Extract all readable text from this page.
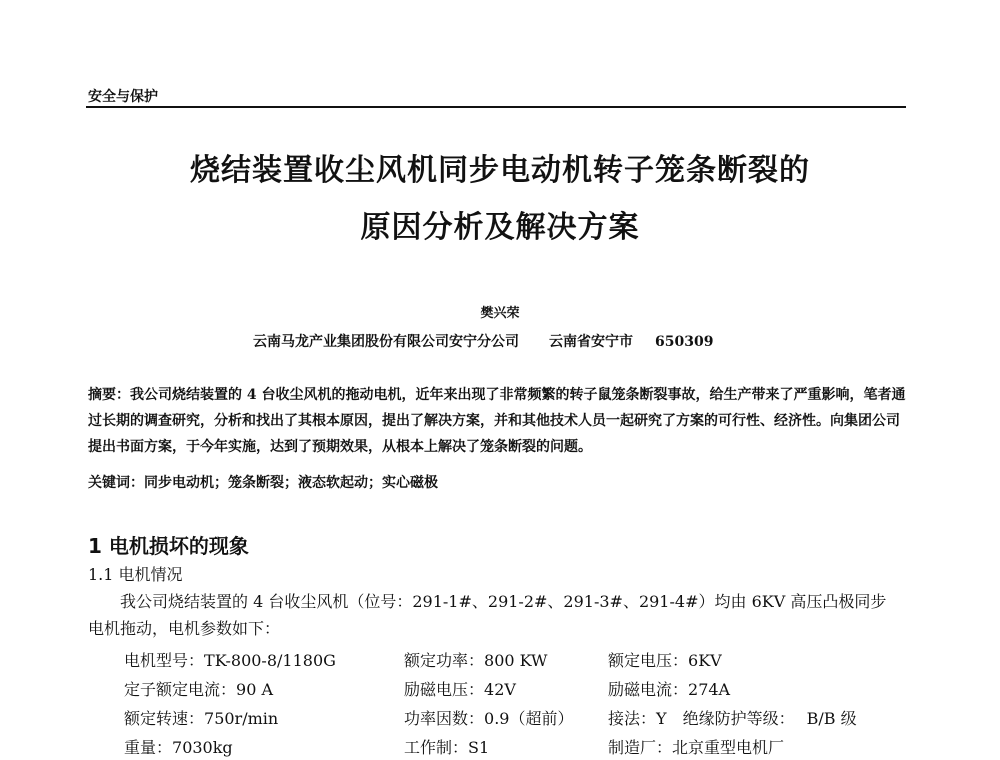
安全与保护
烧结装置收尘风机同步电动机转子笼条断裂的
原因分析及解决方案
樊兴荣
云南马龙产业集团股份有限公司安宁分公司 云南省安宁市 650309
摘要：我公司烧结装置的 4 台收尘风机的拖动电机，近年来出现了非常频繁的转子鼠笼条断裂事故，给生产带来了严重影响，笔者通过长期的调查研究，分析和找出了其根本原因，提出了解决方案，并和其他技术人员一起研究了方案的可行性、经济性。向集团公司提出书面方案，于今年实施，达到了预期效果，从根本上解决了笼条断裂的问题。
关键词：同步电动机；笼条断裂；液态软起动；实心磁极
1 电机损坏的现象
1.1 电机情况
我公司烧结装置的 4 台收尘风机（位号：291-1#、291-2#、291-3#、291-4#）均由 6KV 高压凸极同步电机拖动，电机参数如下：
电机型号：TK-800-8/1180G	额定功率：800 KW	额定电压：6KV
定子额定电流：90 A	励磁电压：42V	励磁电流：274A
额定转速：750r/min	功率因数：0.9（超前） 接法：Y 绝缘防护等级： B/B 级
重量：7030kg	工作制：S1	制造厂：北京重型电机厂
